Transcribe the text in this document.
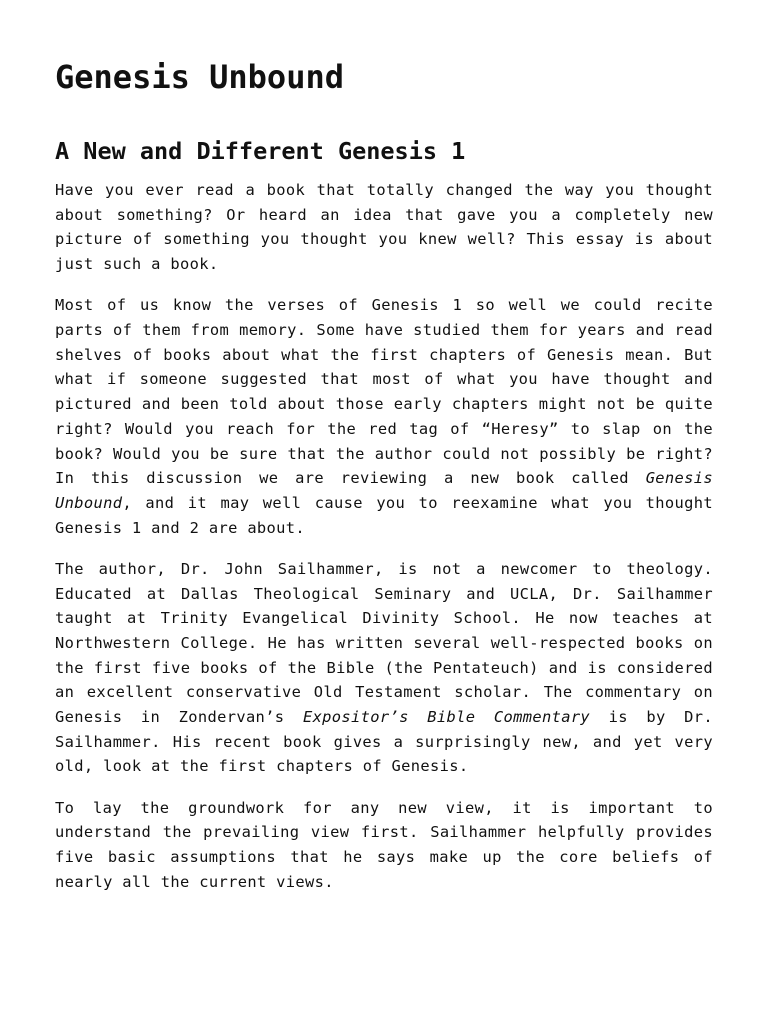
Genesis Unbound
A New and Different Genesis 1

Have you ever read a book that totally changed the way you thought about something? Or heard an idea that gave you a completely new picture of something you thought you knew well? This essay is about just such a book.

Most of us know the verses of Genesis 1 so well we could recite parts of them from memory. Some have studied them for years and read shelves of books about what the first chapters of Genesis mean. But what if someone suggested that most of what you have thought and pictured and been told about those early chapters might not be quite right? Would you reach for the red tag of “Heresy” to slap on the book? Would you be sure that the author could not possibly be right? In this discussion we are reviewing a new book called Genesis Unbound, and it may well cause you to reexamine what you thought Genesis 1 and 2 are about.

The author, Dr. John Sailhammer, is not a newcomer to theology. Educated at Dallas Theological Seminary and UCLA, Dr. Sailhammer taught at Trinity Evangelical Divinity School. He now teaches at Northwestern College. He has written several well-respected books on the first five books of the Bible (the Pentateuch) and is considered an excellent conservative Old Testament scholar. The commentary on Genesis in Zondervan’s Expositor’s Bible Commentary is by Dr. Sailhammer. His recent book gives a surprisingly new, and yet very old, look at the first chapters of Genesis.

To lay the groundwork for any new view, it is important to understand the prevailing view first. Sailhammer helpfully provides five basic assumptions that he says make up the core beliefs of nearly all the current views.
